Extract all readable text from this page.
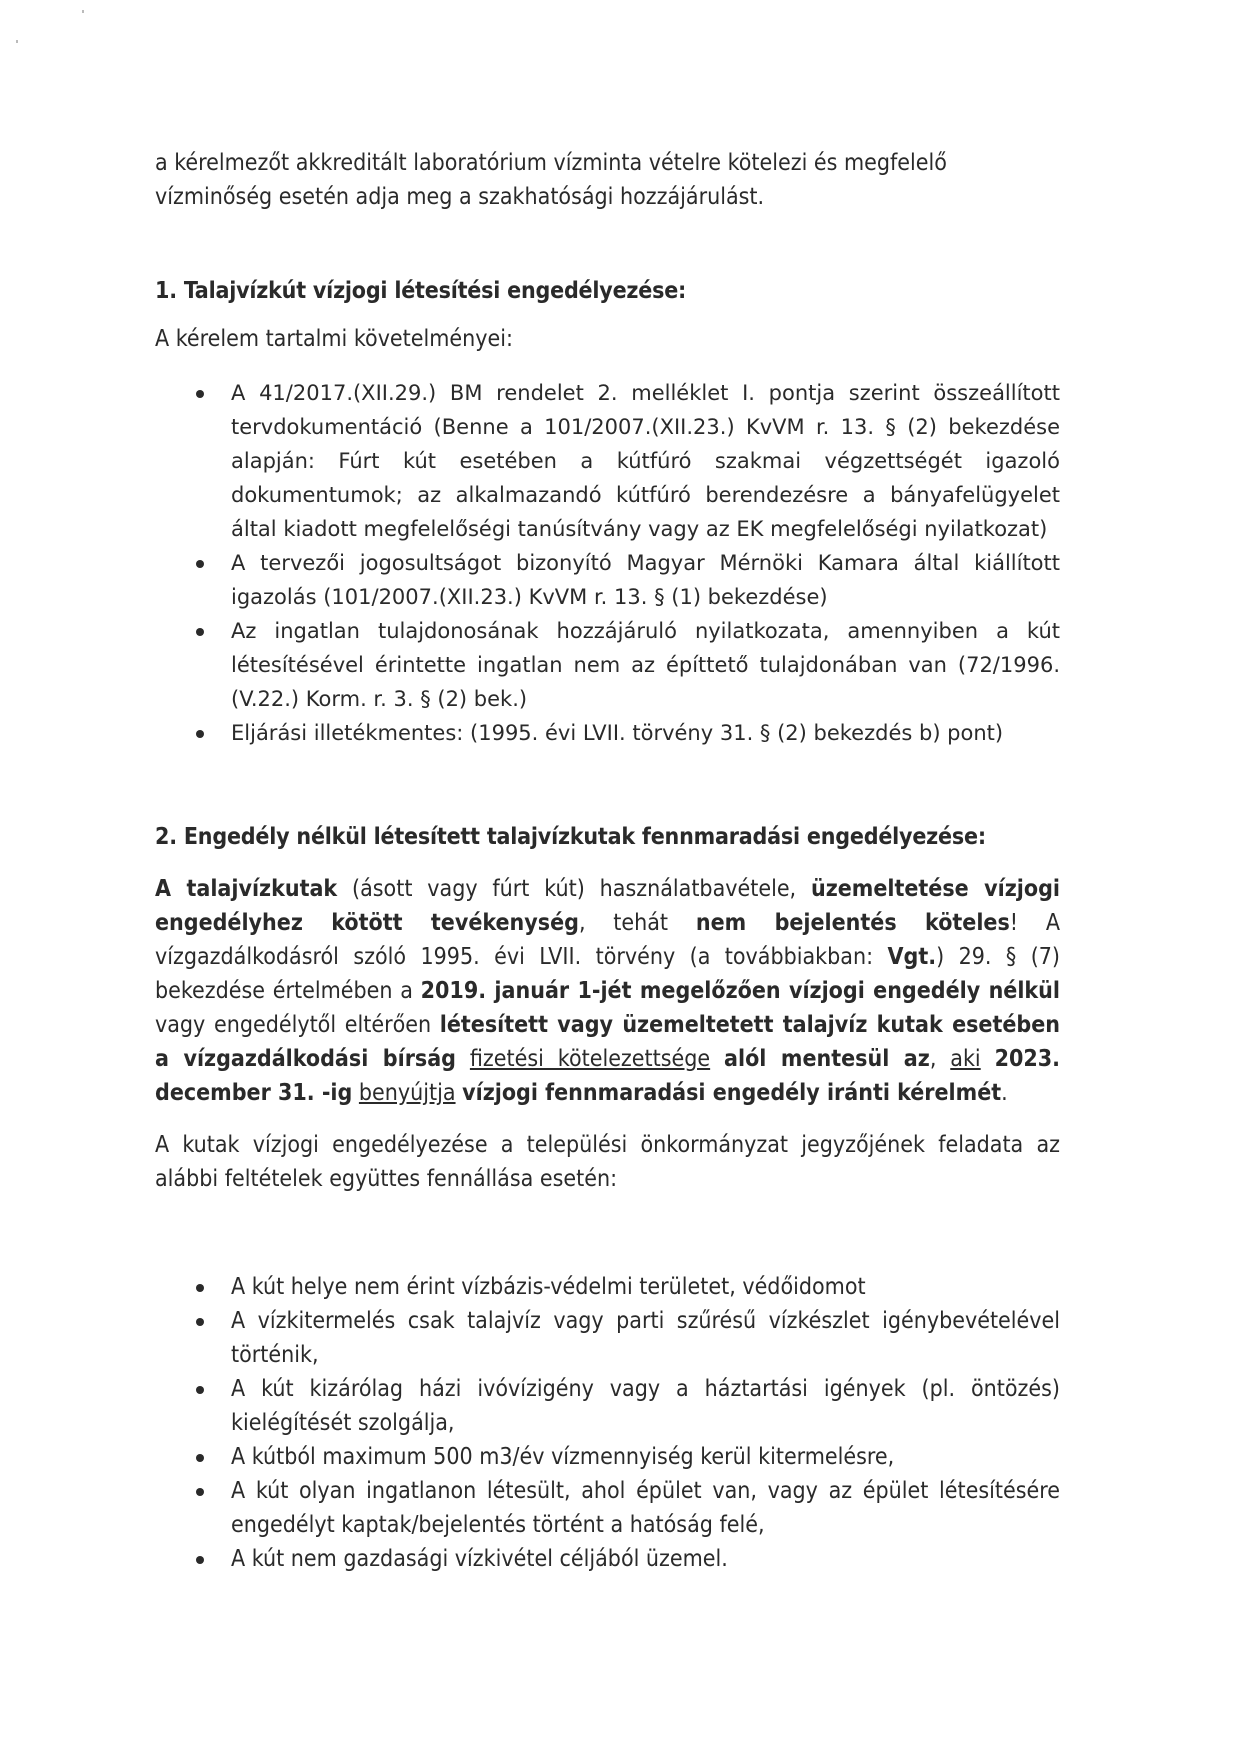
a kérelmezőt akkreditált laboratórium vízminta vételre kötelezi és megfelelő vízminőség esetén adja meg a szakhatósági hozzájárulást.

1. Talajvízkút vízjogi létesítési engedélyezése:

A kérelem tartalmi követelményei:

A 41/2017.(XII.29.) BM rendelet 2. melléklet I. pontja szerint összeállított tervdokumentáció (Benne a 101/2007.(XII.23.) KvVM r. 13. § (2) bekezdése alapján: Fúrt kút esetében a kútfúró szakmai végzettségét igazoló dokumentumok; az alkalmazandó kútfúró berendezésre a bányafelügyelet által kiadott megfelelőségi tanúsítvány vagy az EK megfelelőségi nyilatkozat)
A tervezői jogosultságot bizonyító Magyar Mérnöki Kamara által kiállított igazolás (101/2007.(XII.23.) KvVM r. 13. § (1) bekezdése)
Az ingatlan tulajdonosának hozzájáruló nyilatkozata, amennyiben a kút létesítésével érintette ingatlan nem az építtető tulajdonában van (72/1996.(V.22.) Korm. r. 3. § (2) bek.)
Eljárási illetékmentes: (1995. évi LVII. törvény 31. § (2) bekezdés b) pont)
2. Engedély nélkül létesített talajvízkutak fennmaradási engedélyezése:

A talajvízkutak (ásott vagy fúrt kút) használatbavétele, üzemeltetése vízjogi engedélyhez kötött tevékenység, tehát nem bejelentés köteles! A vízgazdálkodásról szóló 1995. évi LVII. törvény (a továbbiakban: Vgt.) 29. § (7) bekezdése értelmében a 2019. január 1-jét megelőzően vízjogi engedély nélkül vagy engedélytől eltérően létesített vagy üzemeltetett talajvíz kutak esetében a vízgazdálkodási bírság fizetési kötelezettsége alól mentesül az, aki 2023. december 31. -ig benyújtja vízjogi fennmaradási engedély iránti kérelmét.

A kutak vízjogi engedélyezése a települési önkormányzat jegyzőjének feladata az alábbi feltételek együttes fennállása esetén:

A kút helye nem érint vízbázis-védelmi területet, védőidomot
A vízkitermelés csak talajvíz vagy parti szűrésű vízkészlet igénybevételével történik,
A kút kizárólag házi ivóvízigény vagy a háztartási igények (pl. öntözés) kielégítését szolgálja,
A kútból maximum 500 m3/év vízmennyiség kerül kitermelésre,
A kút olyan ingatlanon létesült, ahol épület van, vagy az épület létesítésére engedélyt kaptak/bejelentés történt a hatóság felé,
A kút nem gazdasági vízkivétel céljából üzemel.
